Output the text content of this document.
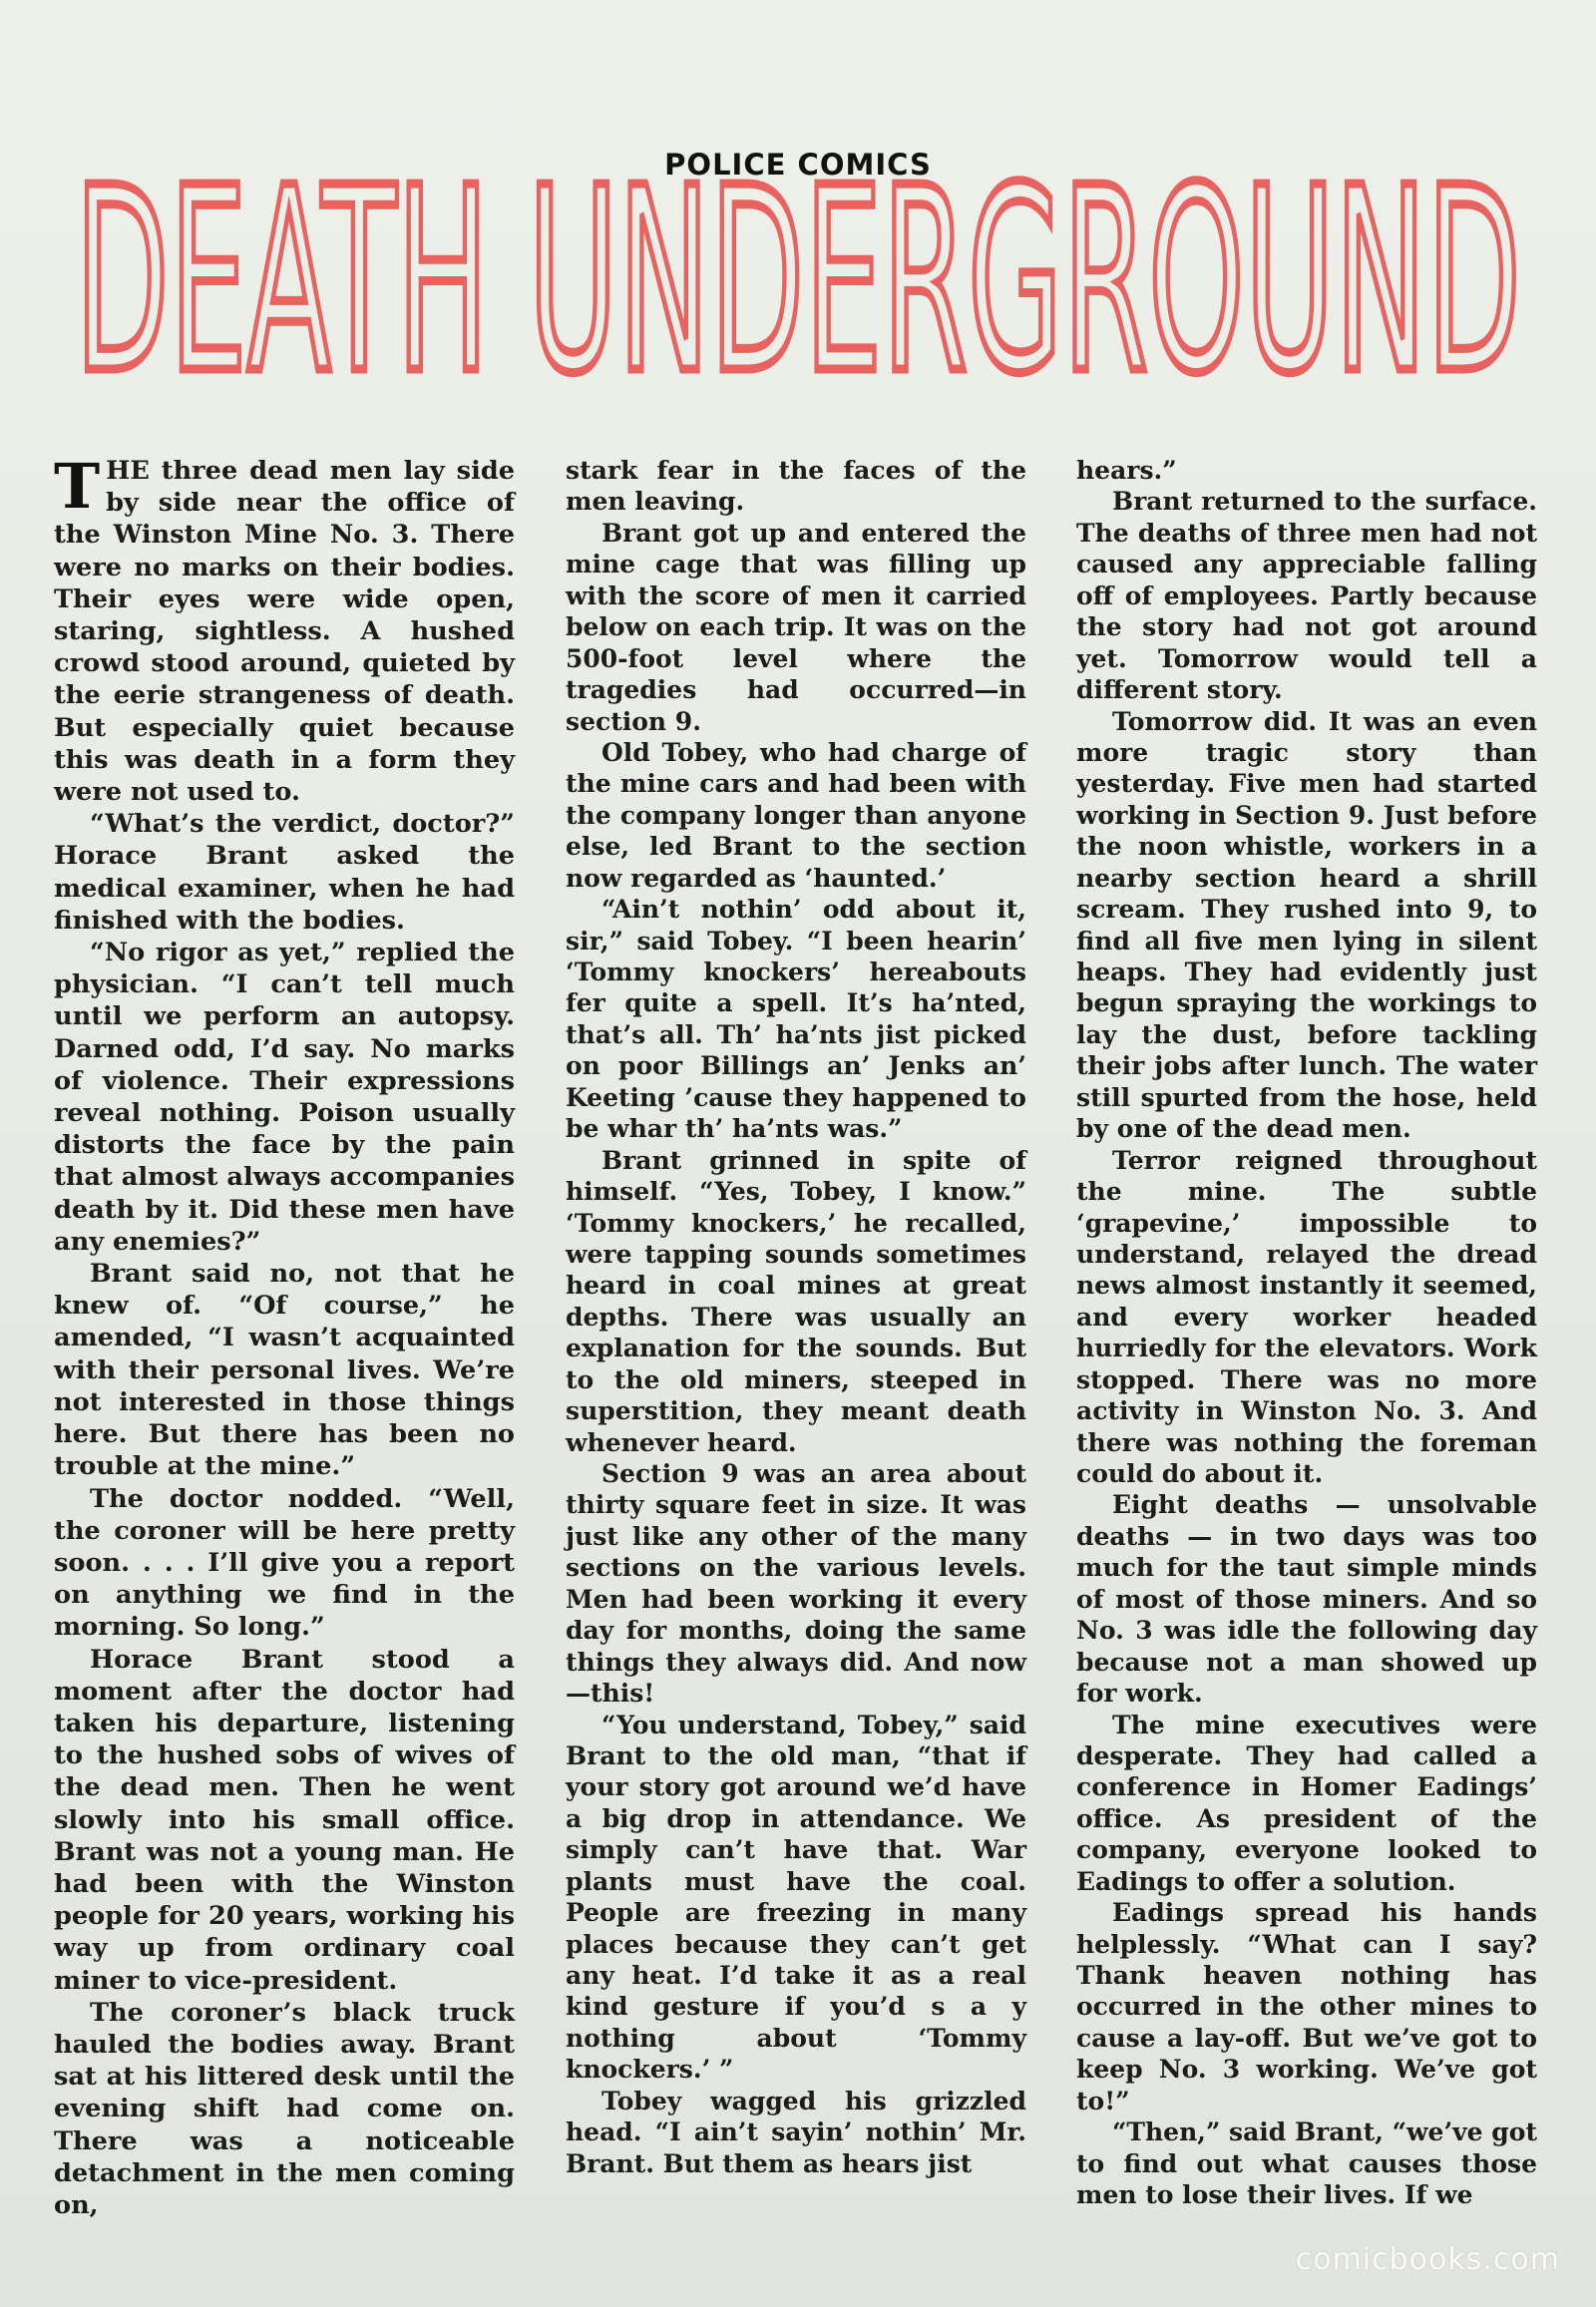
POLICE COMICS
DEATH UNDERGROUND

THE three dead men lay side by side near the office of the Winston Mine No. 3. There were no marks on their bodies. Their eyes were wide open, staring, sightless. A hushed crowd stood around, quieted by the eerie strangeness of death. But especially quiet because this was death in a form they were not used to.

“What’s the verdict, doctor?” Horace Brant asked the medical examiner, when he had finished with the bodies.

“No rigor as yet,” replied the physician. “I can’t tell much until we perform an autopsy. Darned odd, I’d say. No marks of violence. Their expressions reveal nothing. Poison usually distorts the face by the pain that almost always accompanies death by it. Did these men have any enemies?”

Brant said no, not that he knew of. “Of course,” he amended, “I wasn’t acquainted with their personal lives. We’re not interested in those things here. But there has been no trouble at the mine.”

The doctor nodded. “Well, the coroner will be here pretty soon. . . . I’ll give you a report on anything we find in the morning. So long.”

Horace Brant stood a moment after the doctor had taken his departure, listening to the hushed sobs of wives of the dead men. Then he went slowly into his small office. Brant was not a young man. He had been with the Winston people for 20 years, working his way up from ordinary coal miner to vice-president.

The coroner’s black truck hauled the bodies away. Brant sat at his littered desk until the evening shift had come on. There was a noticeable detachment in the men coming on,

stark fear in the faces of the men leaving.

Brant got up and entered the mine cage that was filling up with the score of men it carried below on each trip. It was on the 500-foot level where the tragedies had occurred—in section 9.

Old Tobey, who had charge of the mine cars and had been with the company longer than anyone else, led Brant to the section now regarded as ‘haunted.’

“Ain’t nothin’ odd about it, sir,” said Tobey. “I been hearin’ ‘Tommy knockers’ hereabouts fer quite a spell. It’s ha’nted, that’s all. Th’ ha’nts jist picked on poor Billings an’ Jenks an’ Keeting ’cause they happened to be whar th’ ha’nts was.”

Brant grinned in spite of himself. “Yes, Tobey, I know.” ‘Tommy knockers,’ he recalled, were tapping sounds sometimes heard in coal mines at great depths. There was usually an explanation for the sounds. But to the old miners, steeped in superstition, they meant death whenever heard.

Section 9 was an area about thirty square feet in size. It was just like any other of the many sections on the various levels. Men had been working it every day for months, doing the same things they always did. And now—this!

“You understand, Tobey,” said Brant to the old man, “that if your story got around we’d have a big drop in attendance. We simply can’t have that. War plants must have the coal. People are freezing in many places because they can’t get any heat. I’d take it as a real kind gesture if you’d s a y nothing about ‘Tommy knockers.’ ”

Tobey wagged his grizzled head. “I ain’t sayin’ nothin’ Mr. Brant. But them as hears jist

hears.”

Brant returned to the surface. The deaths of three men had not caused any appreciable falling off of employees. Partly because the story had not got around yet. Tomorrow would tell a different story.

Tomorrow did. It was an even more tragic story than yesterday. Five men had started working in Section 9. Just before the noon whistle, workers in a nearby section heard a shrill scream. They rushed into 9, to find all five men lying in silent heaps. They had evidently just begun spraying the workings to lay the dust, before tackling their jobs after lunch. The water still spurted from the hose, held by one of the dead men.

Terror reigned throughout the mine. The subtle ‘grapevine,’ impossible to understand, relayed the dread news almost instantly it seemed, and every worker headed hurriedly for the elevators. Work stopped. There was no more activity in Winston No. 3. And there was nothing the foreman could do about it.

Eight deaths — unsolvable deaths — in two days was too much for the taut simple minds of most of those miners. And so No. 3 was idle the following day because not a man showed up for work.

The mine executives were desperate. They had called a conference in Homer Eadings’ office. As president of the company, everyone looked to Eadings to offer a solution.

Eadings spread his hands helplessly. “What can I say? Thank heaven nothing has occurred in the other mines to cause a lay-off. But we’ve got to keep No. 3 working. We’ve got to!”

“Then,” said Brant, “we’ve got to find out what causes those men to lose their lives. If we

comicbooks.com
